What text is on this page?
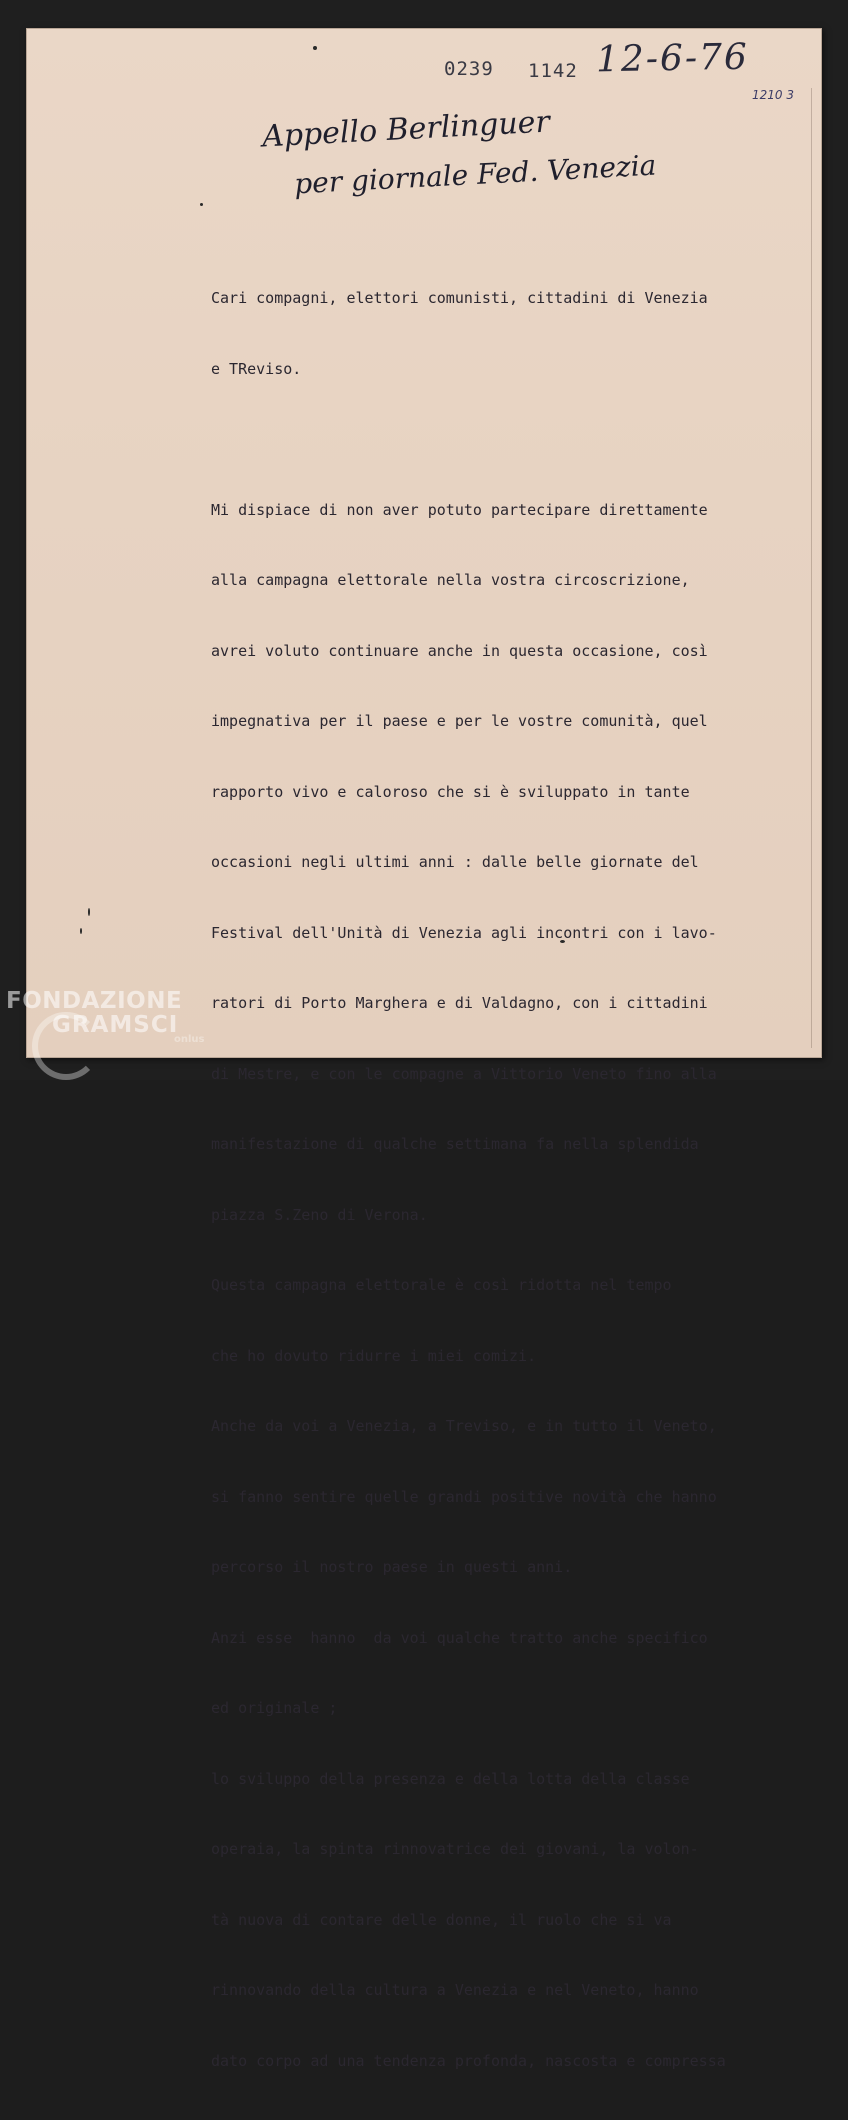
0239 1142 12-6-76
1210 3
Appello Berlinguer
per giornale Fed. Venezia

Cari compagni, elettori comunisti, cittadini di Venezia

e TReviso.

Mi dispiace di non aver potuto partecipare direttamente

alla campagna elettorale nella vostra circoscrizione,

avrei voluto continuare anche in questa occasione, così

impegnativa per il paese e per le vostre comunità, quel

rapporto vivo e caloroso che si è sviluppato in tante

occasioni negli ultimi anni : dalle belle giornate del

Festival dell'Unità di Venezia agli incontri con i lavo-

ratori di Porto Marghera e di Valdagno, con i cittadini

di Mestre, e con le compagne a Vittorio Veneto fino alla

manifestazione di qualche settimana fa nella splendida

piazza S.Zeno di Verona.

Questa campagna elettorale è così ridotta nel tempo

che ho dovuto ridurre i miei comizi.

Anche da voi a Venezia, a Treviso, e in tutto il Veneto,

si fanno sentire quelle grandi positive novità che hanno

percorso il nostro paese in questi anni.

Anzi esse  hanno  da voi qualche tratto anche specifico

ed originale ;

lo sviluppo della presenza e della lotta della classe

operaia, la spinta rinnovatrice dei giovani, la volon-

tà nuova di contare delle donne, il ruolo che si va

rinnovando della cultura a Venezia e nel Veneto, hanno

dato corpo ad una tendenza profonda, nascosta e compressa

FONDAZIONE
GRAMSCI
onlus
